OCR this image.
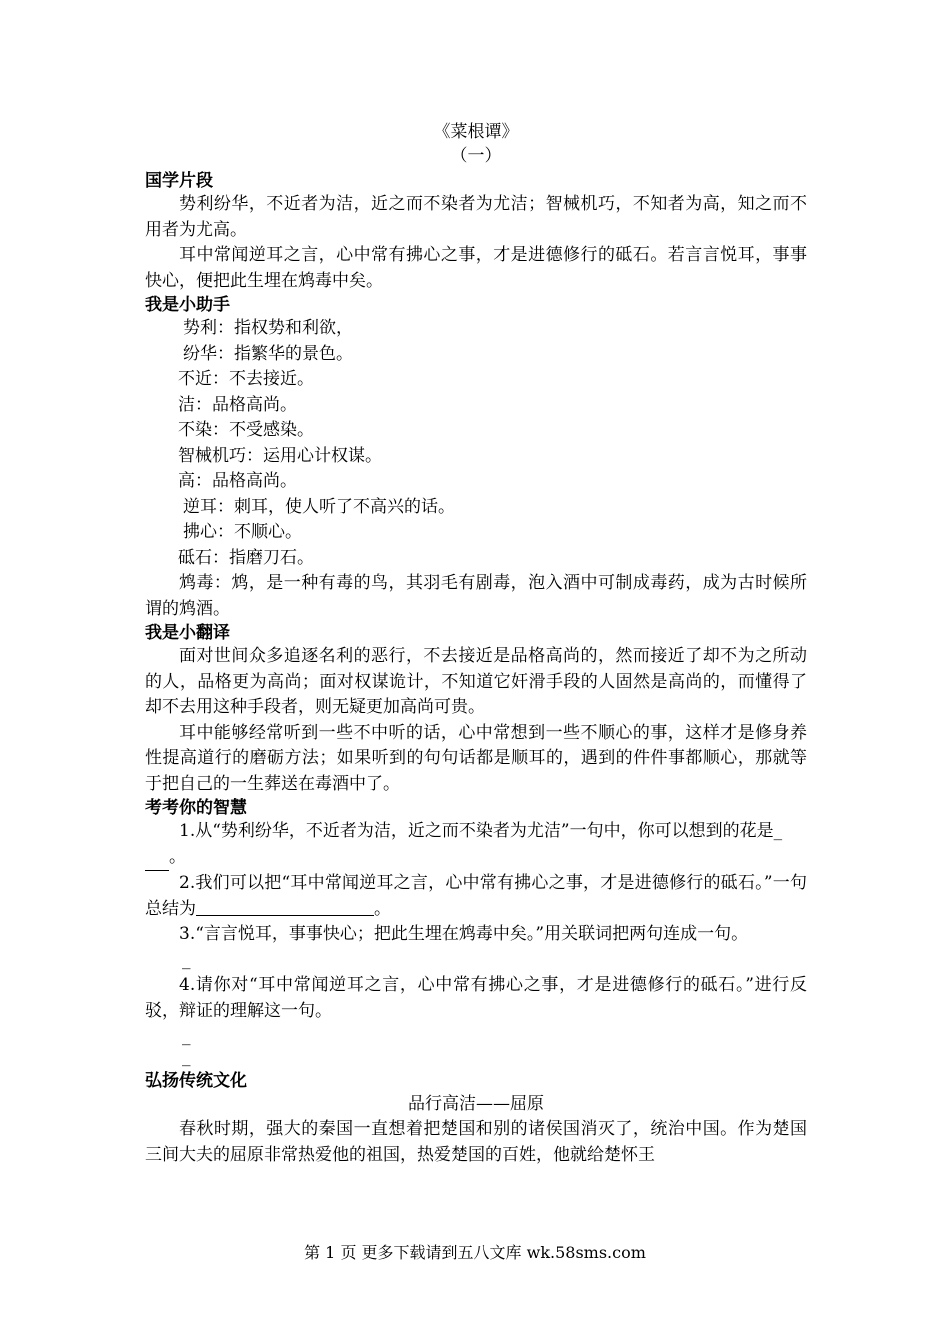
《菜根谭》
（一）
国学片段

势利纷华，不近者为洁，近之而不染者为尤洁；智械机巧，不知者为高，知之而不用者为尤高。

耳中常闻逆耳之言，心中常有拂心之事，才是进德修行的砥石。若言言悦耳，事事快心，便把此生埋在鸩毒中矣。

我是小助手
势利：指权势和利欲，
纷华：指繁华的景色。
不近：不去接近。
洁：品格高尚。
不染：不受感染。
智械机巧：运用心计权谋。
高：品格高尚。
逆耳：刺耳，使人听了不高兴的话。
拂心：不顺心。
砥石：指磨刀石。

鸩毒：鸩，是一种有毒的鸟，其羽毛有剧毒，泡入酒中可制成毒药，成为古时候所谓的鸩酒。

我是小翻译

面对世间众多追逐名利的恶行，不去接近是品格高尚的，然而接近了却不为之所动的人，品格更为高尚；面对权谋诡计，不知道它奸滑手段的人固然是高尚的，而懂得了却不去用这种手段者，则无疑更加高尚可贵。

耳中能够经常听到一些不中听的话，心中常想到一些不顺心的事，这样才是修身养性提高道行的磨砺方法；如果听到的句句话都是顺耳的，遇到的件件事都顺心，那就等于把自己的一生葬送在毒酒中了。

考考你的智慧

1.从“势利纷华，不近者为洁，近之而不染者为尤洁”一句中，你可以想到的花是_

。

2.我们可以把“耳中常闻逆耳之言，心中常有拂心之事，才是进德修行的砥石。”一句总结为	。

3.“言言悦耳，事事快心；把此生埋在鸩毒中矣。”用关联词把两句连成一句。

_

4.请你对“耳中常闻逆耳之言，心中常有拂心之事，才是进德修行的砥石。”进行反驳，辩证的理解这一句。

_
_
弘扬传统文化
品行高洁——屈原

春秋时期，强大的秦国一直想着把楚国和别的诸侯国消灭了，统治中国。作为楚国三间大夫的屈原非常热爱他的祖国，热爱楚国的百姓，他就给楚怀王

第 1 页 更多下载请到五八文库 wk.58sms.com
